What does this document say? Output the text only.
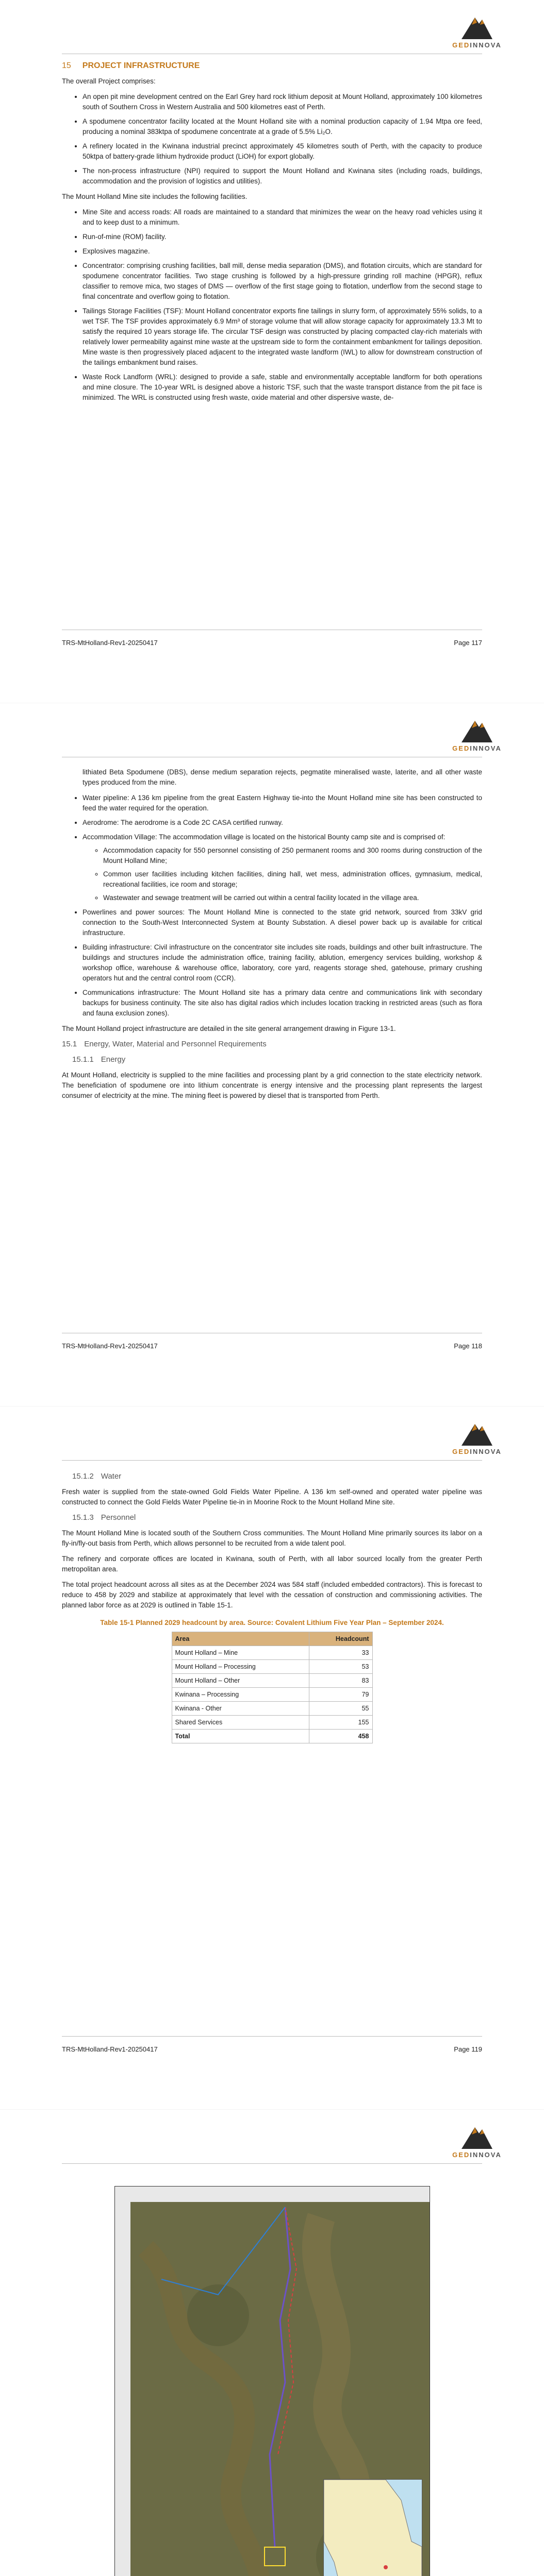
GEDINNOVA
15 PROJECT INFRASTRUCTURE

The overall Project comprises:

• An open pit mine development centred on the Earl Grey hard rock lithium deposit at Mount Holland, approximately 100 kilometres south of Southern Cross in Western Australia and 500 kilometres east of Perth.
• A spodumene concentrator facility located at the Mount Holland site with a nominal production capacity of 1.94 Mtpa ore feed, producing a nominal 383ktpa of spodumene concentrate at a grade of 5.5% Li₂O.
• A refinery located in the Kwinana industrial precinct approximately 45 kilometres south of Perth, with the capacity to produce 50ktpa of battery-grade lithium hydroxide product (LiOH) for export globally.
• The non-process infrastructure (NPI) required to support the Mount Holland and Kwinana sites (including roads, buildings, accommodation and the provision of logistics and utilities).

The Mount Holland Mine site includes the following facilities.

• Mine Site and access roads: All roads are maintained to a standard that minimizes the wear on the heavy road vehicles using it and to keep dust to a minimum.
• Run-of-mine (ROM) facility.
• Explosives magazine.
• Concentrator: comprising crushing facilities, ball mill, dense media separation (DMS), and flotation circuits, which are standard for spodumene concentrator facilities. Two stage crushing is followed by a high-pressure grinding roll machine (HPGR), reflux classifier to remove mica, two stages of DMS — overflow of the first stage going to flotation, underflow from the second stage to final concentrate and overflow going to flotation.
• Tailings Storage Facilities (TSF): Mount Holland concentrator exports fine tailings in slurry form, of approximately 55% solids, to a wet TSF. The TSF provides approximately 6.9 Mm³ of storage volume that will allow storage capacity for approximately 13.3 Mt to satisfy the required 10 years storage life. The circular TSF design was constructed by placing compacted clay-rich materials with relatively lower permeability against mine waste at the upstream side to form the containment embankment for tailings deposition. Mine waste is then progressively placed adjacent to the integrated waste landform (IWL) to allow for downstream construction of the tailings embankment bund raises.
• Waste Rock Landform (WRL): designed to provide a safe, stable and environmentally acceptable landform for both operations and mine closure. The 10-year WRL is designed above a historic TSF, such that the waste transport distance from the pit face is minimized. The WRL is constructed using fresh waste, oxide material and other dispersive waste, de-
TRS-MtHolland-Rev1-20250417	Page 117
GEDINNOVA

lithiated Beta Spodumene (DBS), dense medium separation rejects, pegmatite mineralised waste, laterite, and all other waste types produced from the mine.

• Water pipeline: A 136 km pipeline from the great Eastern Highway tie-into the Mount Holland mine site has been constructed to feed the water required for the operation.
• Aerodrome: The aerodrome is a Code 2C CASA certified runway.
• Accommodation Village: The accommodation village is located on the historical Bounty camp site and is comprised of:
◦ Accommodation capacity for 550 personnel consisting of 250 permanent rooms and 300 rooms during construction of the Mount Holland Mine;
◦ Common user facilities including kitchen facilities, dining hall, wet mess, administration offices, gymnasium, medical, recreational facilities, ice room and storage;
◦ Wastewater and sewage treatment will be carried out within a central facility located in the village area.
• Powerlines and power sources: The Mount Holland Mine is connected to the state grid network, sourced from 33kV grid connection to the South-West Interconnected System at Bounty Substation. A diesel power back up is available for critical infrastructure.
• Building infrastructure: Civil infrastructure on the concentrator site includes site roads, buildings and other built infrastructure. The buildings and structures include the administration office, training facility, ablution, emergency services building, workshop & workshop office, warehouse & warehouse office, laboratory, core yard, reagents storage shed, gatehouse, primary crushing operators hut and the central control room (CCR).
• Communications infrastructure: The Mount Holland site has a primary data centre and communications link with secondary backups for business continuity. The site also has digital radios which includes location tracking in restricted areas (such as flora and fauna exclusion zones).

The Mount Holland project infrastructure are detailed in the site general arrangement drawing in Figure 13-1.

15.1 Energy, Water, Material and Personnel Requirements
15.1.1 Energy

At Mount Holland, electricity is supplied to the mine facilities and processing plant by a grid connection to the state electricity network. The beneficiation of spodumene ore into lithium concentrate is energy intensive and the processing plant represents the largest consumer of electricity at the mine. The mining fleet is powered by diesel that is transported from Perth.

TRS-MtHolland-Rev1-20250417	Page 118
GEDINNOVA
15.1.2 Water

Fresh water is supplied from the state-owned Gold Fields Water Pipeline. A 136 km self-owned and operated water pipeline was constructed to connect the Gold Fields Water Pipeline tie-in in Moorine Rock to the Mount Holland Mine site.

15.1.3 Personnel

The Mount Holland Mine is located south of the Southern Cross communities. The Mount Holland Mine primarily sources its labor on a fly-in/fly-out basis from Perth, which allows personnel to be recruited from a wide talent pool.

The refinery and corporate offices are located in Kwinana, south of Perth, with all labor sourced locally from the greater Perth metropolitan area.

The total project headcount across all sites as at the December 2024 was 584 staff (included embedded contractors). This is forecast to reduce to 458 by 2029 and stabilize at approximately that level with the cessation of construction and commissioning activities. The planned labor force as at 2029 is outlined in Table 15-1.

Table 15-1 Planned 2029 headcount by area. Source: Covalent Lithium Five Year Plan – September 2024.
Area	Headcount
Mount Holland – Mine	33
Mount Holland – Processing	53
Mount Holland – Other	83
Kwinana – Processing	79
Kwinana - Other	55
Shared Services	155
Total	458
TRS-MtHolland-Rev1-20250417	Page 119
GEDINNOVA
